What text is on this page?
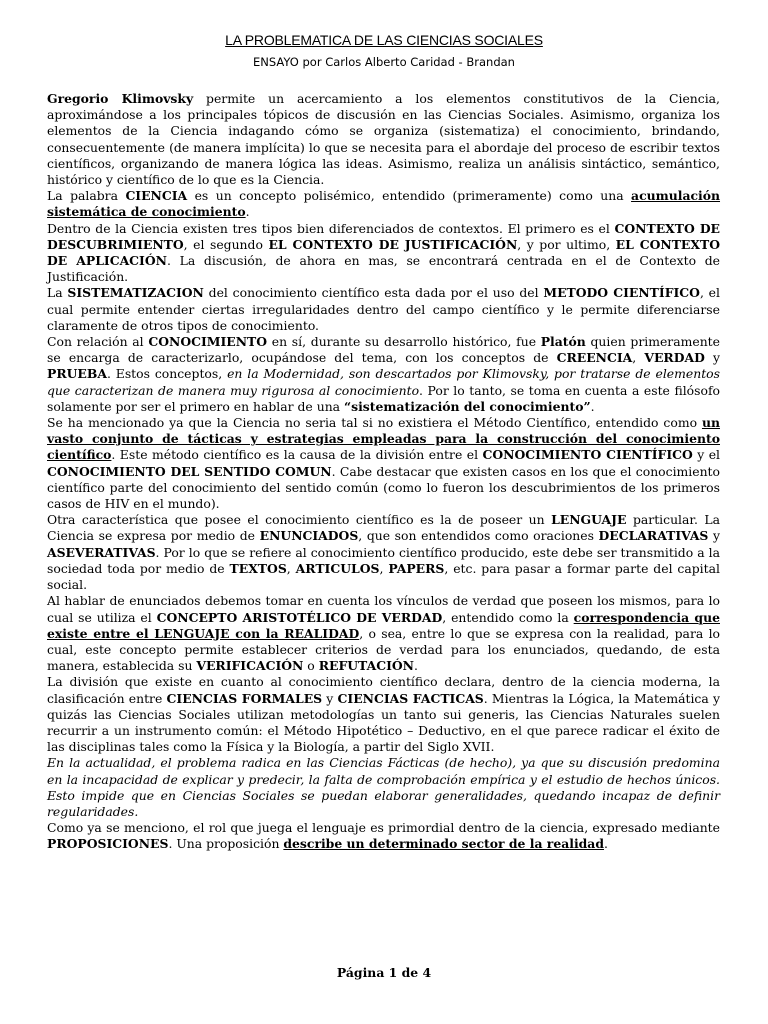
LA PROBLEMATICA DE LAS CIENCIAS SOCIALES
ENSAYO por Carlos Alberto Caridad - Brandan

Gregorio Klimovsky permite un acercamiento a los elementos constitutivos de la Ciencia, aproximándose a los principales tópicos de discusión en las Ciencias Sociales. Asimismo, organiza los elementos de la Ciencia indagando cómo se organiza (sistematiza) el conocimiento, brindando, consecuentemente (de manera implícita) lo que se necesita para el abordaje del proceso de escribir textos científicos, organizando de manera lógica las ideas. Asimismo, realiza un análisis sintáctico, semántico, histórico y científico de lo que es la Ciencia.

La palabra CIENCIA es un concepto polisémico, entendido (primeramente) como una acumulación sistemática de conocimiento.

Dentro de la Ciencia existen tres tipos bien diferenciados de contextos. El primero es el CONTEXTO DE DESCUBRIMIENTO, el segundo EL CONTEXTO DE JUSTIFICACIÓN, y por ultimo, EL CONTEXTO DE APLICACIÓN. La discusión, de ahora en mas, se encontrará centrada en el de Contexto de Justificación.

La SISTEMATIZACION del conocimiento científico esta dada por el uso del METODO CIENTÍFICO, el cual permite entender ciertas irregularidades dentro del campo científico y le permite diferenciarse claramente de otros tipos de conocimiento.

Con relación al CONOCIMIENTO en sí, durante su desarrollo histórico, fue Platón quien primeramente se encarga de caracterizarlo, ocupándose del tema, con los conceptos de CREENCIA, VERDAD y PRUEBA. Estos conceptos, en la Modernidad, son descartados por Klimovsky, por tratarse de elementos que caracterizan de manera muy rigurosa al conocimiento. Por lo tanto, se toma en cuenta a este filósofo solamente por ser el primero en hablar de una “sistematización del conocimiento”.

Se ha mencionado ya que la Ciencia no seria tal si no existiera el Método Científico, entendido como un vasto conjunto de tácticas y estrategias empleadas para la construcción del conocimiento científico. Este método científico es la causa de la división entre el CONOCIMIENTO CIENTÍFICO y el CONOCIMIENTO DEL SENTIDO COMUN. Cabe destacar que existen casos en los que el conocimiento científico parte del conocimiento del sentido común (como lo fueron los descubrimientos de los primeros casos de HIV en el mundo).

Otra característica que posee el conocimiento científico es la de poseer un LENGUAJE particular. La Ciencia se expresa por medio de ENUNCIADOS, que son entendidos como oraciones DECLARATIVAS y ASEVERATIVAS. Por lo que se refiere al conocimiento científico producido, este debe ser transmitido a la sociedad toda por medio de TEXTOS, ARTICULOS, PAPERS, etc. para pasar a formar parte del capital social.

Al hablar de enunciados debemos tomar en cuenta los vínculos de verdad que poseen los mismos, para lo cual se utiliza el CONCEPTO ARISTOTÉLICO DE VERDAD, entendido como la correspondencia que existe entre el LENGUAJE con la REALIDAD, o sea, entre lo que se expresa con la realidad, para lo cual, este concepto permite establecer criterios de verdad para los enunciados, quedando, de esta manera, establecida su VERIFICACIÓN o REFUTACIÓN.

La división que existe en cuanto al conocimiento científico declara, dentro de la ciencia moderna, la clasificación entre CIENCIAS FORMALES y CIENCIAS FACTICAS. Mientras la Lógica, la Matemática y quizás las Ciencias Sociales utilizan metodologías un tanto sui generis, las Ciencias Naturales suelen recurrir a un instrumento común: el Método Hipotético – Deductivo, en el que parece radicar el éxito de las disciplinas tales como la Física y la Biología, a partir del Siglo XVII.

En la actualidad, el problema radica en las Ciencias Fácticas (de hecho), ya que su discusión predomina en la incapacidad de explicar y predecir, la falta de comprobación empírica y el estudio de hechos únicos. Esto impide que en Ciencias Sociales se puedan elaborar generalidades, quedando incapaz de definir regularidades.

Como ya se menciono, el rol que juega el lenguaje es primordial dentro de la ciencia, expresado mediante PROPOSICIONES. Una proposición describe un determinado sector de la realidad.

Página 1 de 4
